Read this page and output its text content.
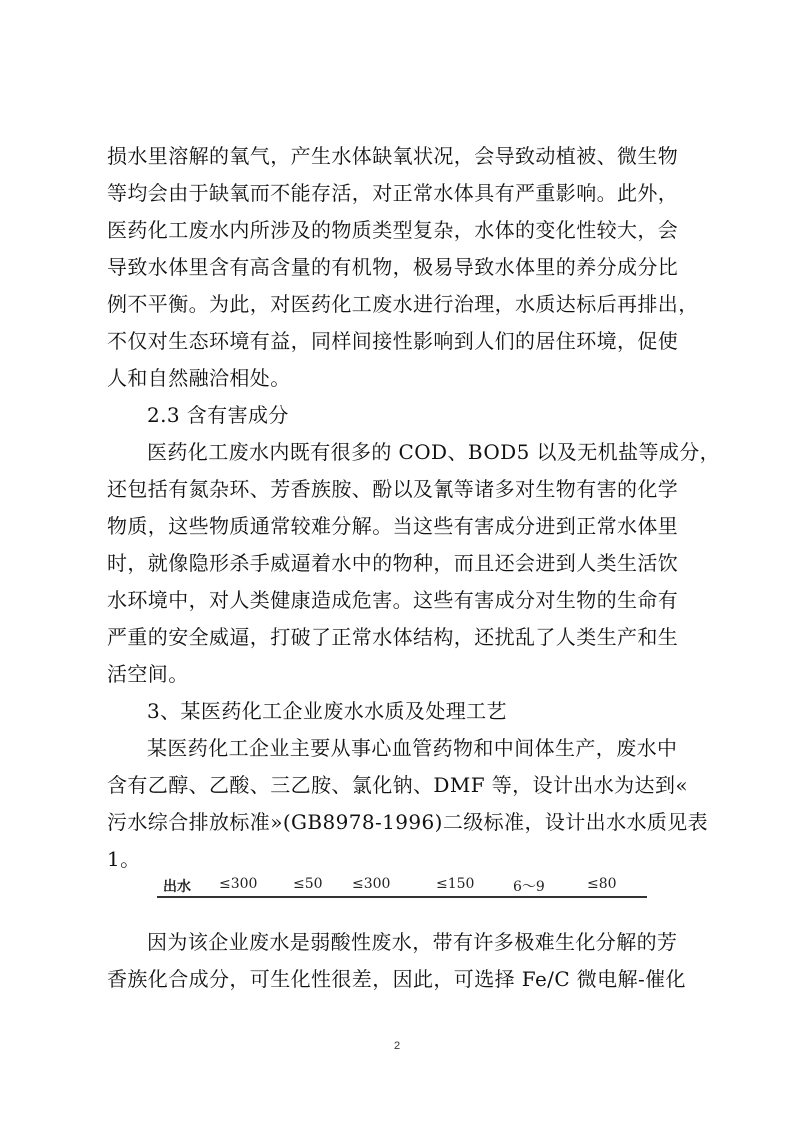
损水里溶解的氧气，产生水体缺氧状况，会导致动植被、微生物
等均会由于缺氧而不能存活，对正常水体具有严重影响。此外，
医药化工废水内所涉及的物质类型复杂，水体的变化性较大，会
导致水体里含有高含量的有机物，极易导致水体里的养分成分比
例不平衡。为此，对医药化工废水进行治理，水质达标后再排出，
不仅对生态环境有益，同样间接性影响到人们的居住环境，促使
人和自然融洽相处。
2.3 含有害成分
医药化工废水内既有很多的 COD、BOD5 以及无机盐等成分，
还包括有氮杂环、芳香族胺、酚以及氰等诸多对生物有害的化学
物质，这些物质通常较难分解。当这些有害成分进到正常水体里
时，就像隐形杀手威逼着水中的物种，而且还会进到人类生活饮
水环境中，对人类健康造成危害。这些有害成分对生物的生命有
严重的安全威逼，打破了正常水体结构，还扰乱了人类生产和生
活空间。
3、某医药化工企业废水水质及处理工艺
某医药化工企业主要从事心血管药物和中间体生产，废水中
含有乙醇、乙酸、三乙胺、氯化钠、DMF 等，设计出水为达到«
污水综合排放标准»(GB8978-1996)二级标准，设计出水水质见表
1。
出水 ≤300	≤50 ≤300	≤150	6～9	≤80
因为该企业废水是弱酸性废水，带有许多极难生化分解的芳
香族化合成分，可生化性很差，因此，可选择 Fe/C 微电解-催化
2
